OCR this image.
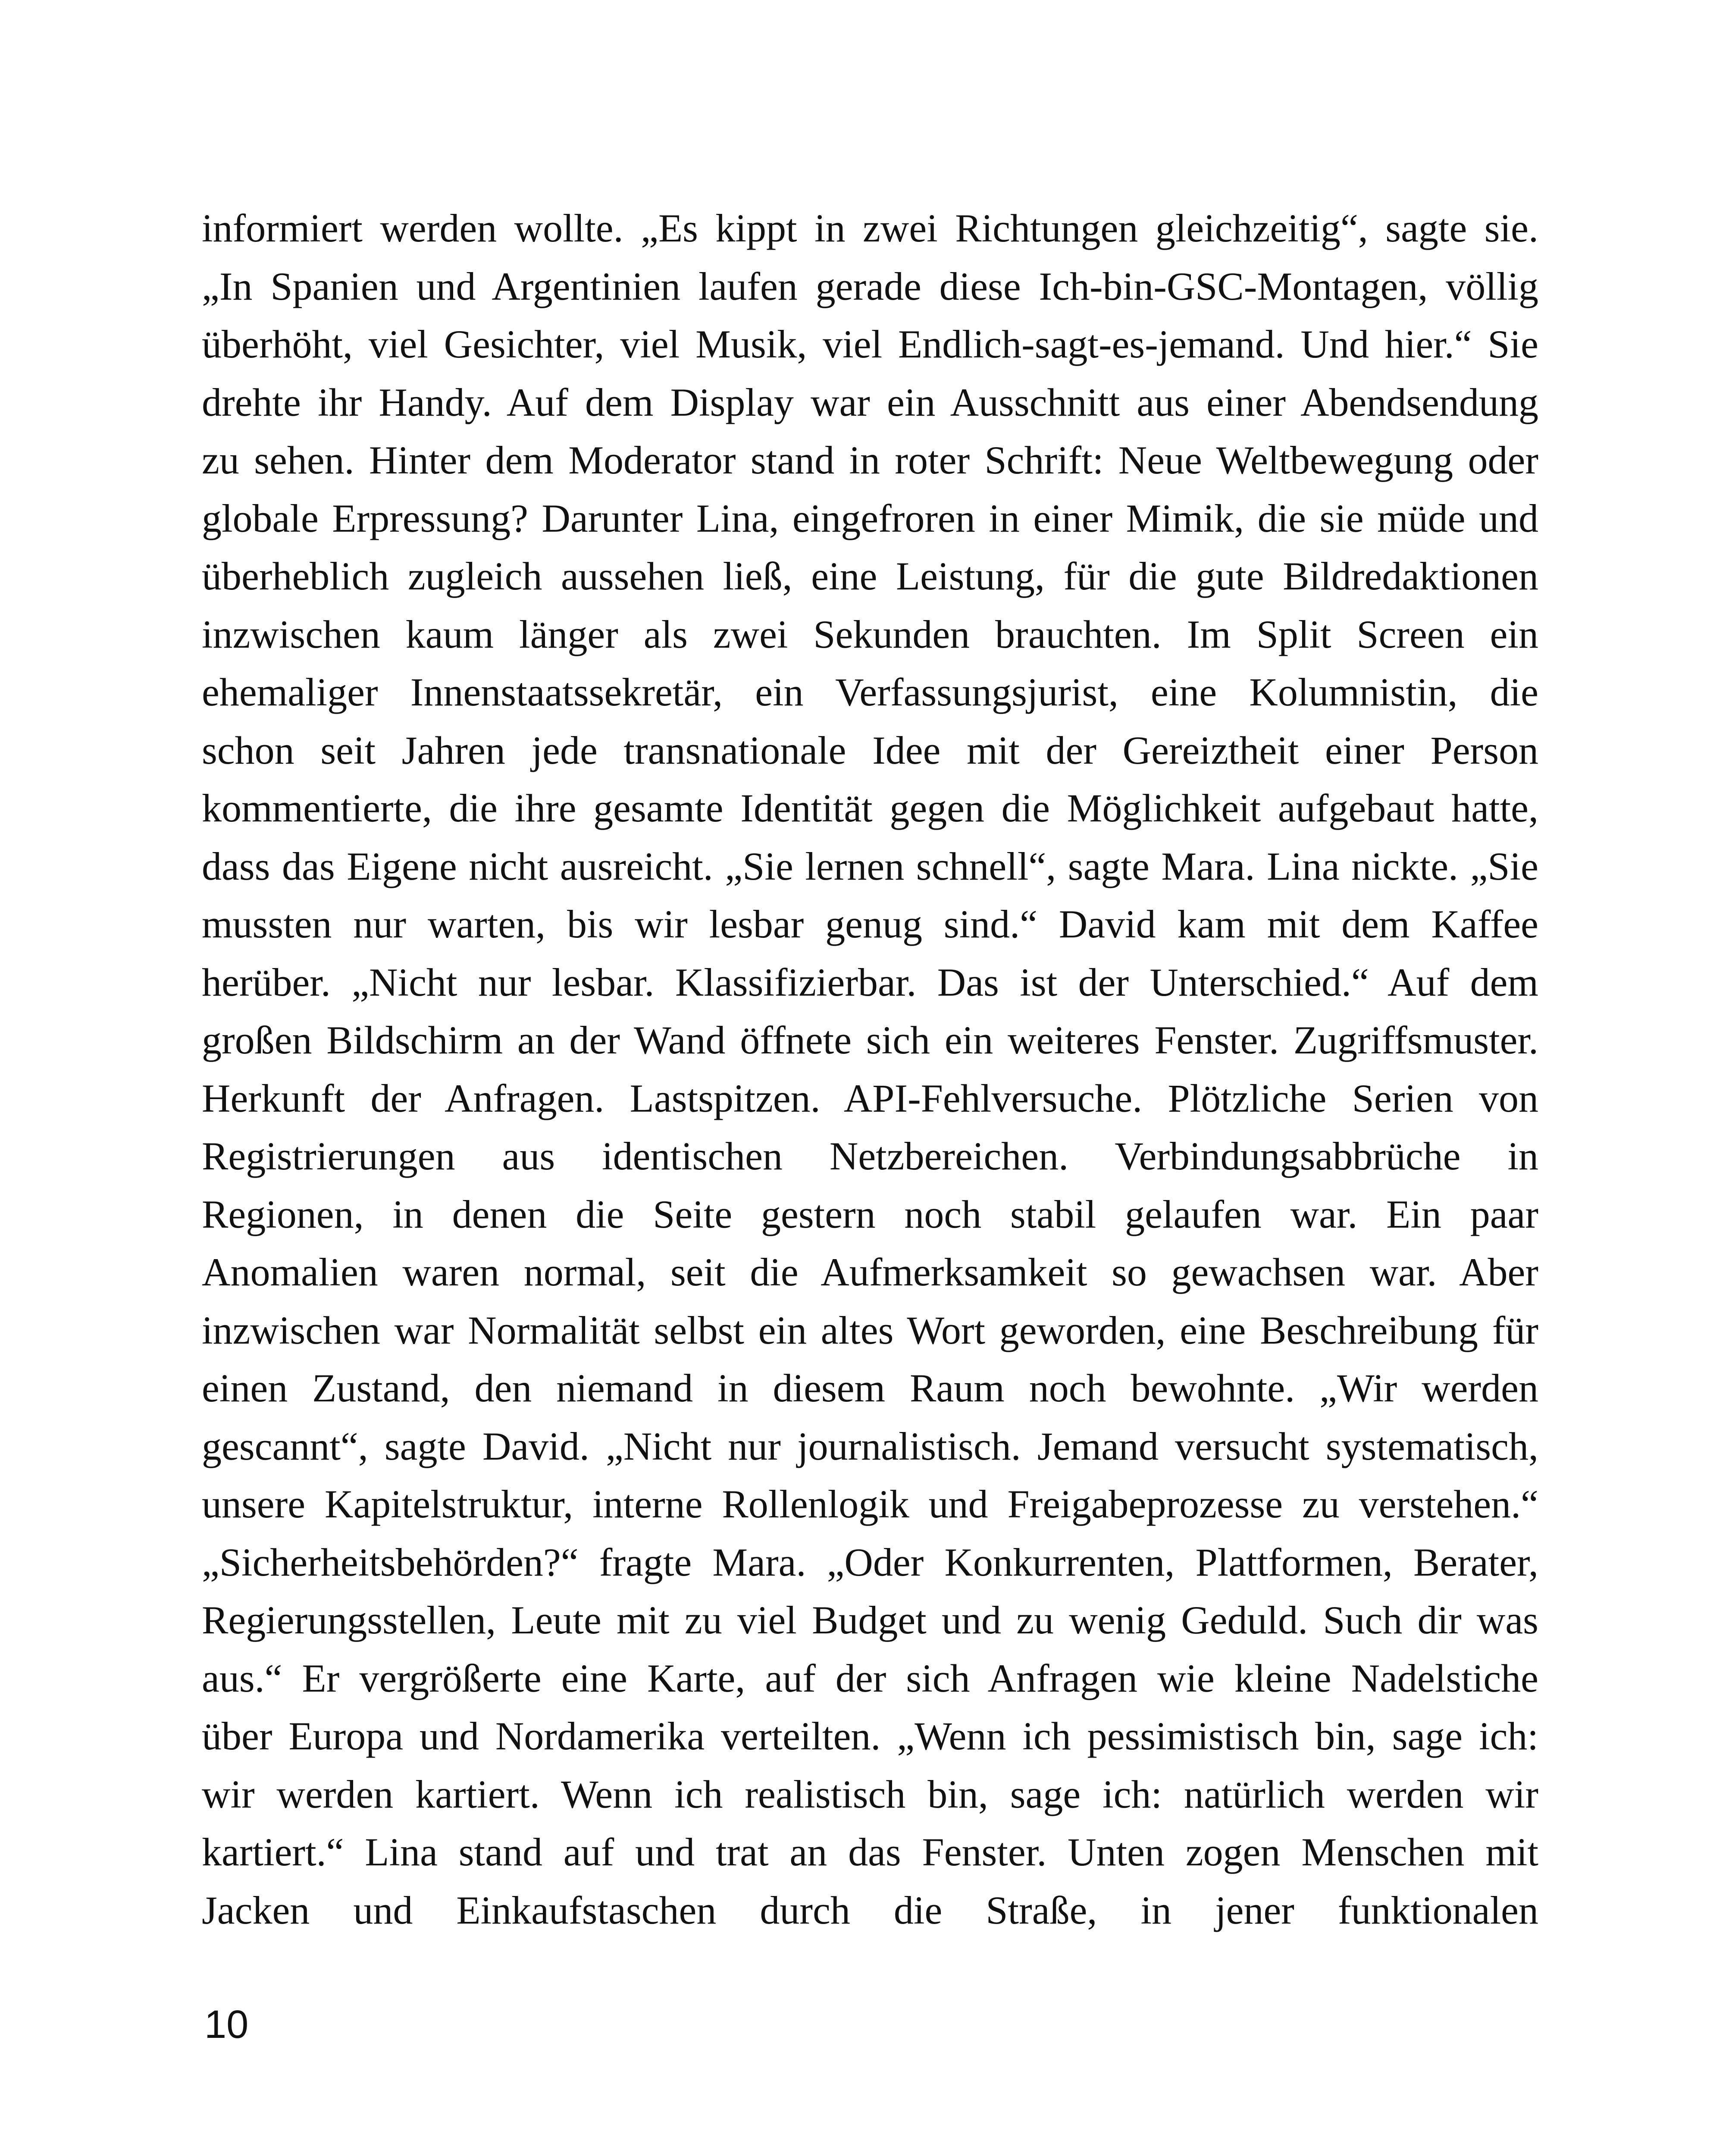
informiert werden wollte. „Es kippt in zwei Richtungen gleichzeitig“, sagte sie.
„In Spanien und Argentinien laufen gerade diese Ich-bin-GSC-Montagen, völlig
überhöht, viel Gesichter, viel Musik, viel Endlich-sagt-es-jemand. Und hier.“ Sie
drehte ihr Handy. Auf dem Display war ein Ausschnitt aus einer Abendsendung
zu sehen. Hinter dem Moderator stand in roter Schrift: Neue Weltbewegung oder
globale Erpressung? Darunter Lina, eingefroren in einer Mimik, die sie müde und
überheblich zugleich aussehen ließ, eine Leistung, für die gute Bildredaktionen
inzwischen kaum länger als zwei Sekunden brauchten. Im Split Screen ein
ehemaliger Innenstaatssekretär, ein Verfassungsjurist, eine Kolumnistin, die
schon seit Jahren jede transnationale Idee mit der Gereiztheit einer Person
kommentierte, die ihre gesamte Identität gegen die Möglichkeit aufgebaut hatte,
dass das Eigene nicht ausreicht. „Sie lernen schnell“, sagte Mara. Lina nickte. „Sie
mussten nur warten, bis wir lesbar genug sind.“ David kam mit dem Kaffee
herüber. „Nicht nur lesbar. Klassifizierbar. Das ist der Unterschied.“ Auf dem
großen Bildschirm an der Wand öffnete sich ein weiteres Fenster. Zugriffsmuster.
Herkunft der Anfragen. Lastspitzen. API-Fehlversuche. Plötzliche Serien von
Registrierungen aus identischen Netzbereichen. Verbindungsabbrüche in
Regionen, in denen die Seite gestern noch stabil gelaufen war. Ein paar
Anomalien waren normal, seit die Aufmerksamkeit so gewachsen war. Aber
inzwischen war Normalität selbst ein altes Wort geworden, eine Beschreibung für
einen Zustand, den niemand in diesem Raum noch bewohnte. „Wir werden
gescannt“, sagte David. „Nicht nur journalistisch. Jemand versucht systematisch,
unsere Kapitelstruktur, interne Rollenlogik und Freigabeprozesse zu verstehen.“
„Sicherheitsbehörden?“ fragte Mara. „Oder Konkurrenten, Plattformen, Berater,
Regierungsstellen, Leute mit zu viel Budget und zu wenig Geduld. Such dir was
aus.“ Er vergrößerte eine Karte, auf der sich Anfragen wie kleine Nadelstiche
über Europa und Nordamerika verteilten. „Wenn ich pessimistisch bin, sage ich:
wir werden kartiert. Wenn ich realistisch bin, sage ich: natürlich werden wir
kartiert.“ Lina stand auf und trat an das Fenster. Unten zogen Menschen mit
Jacken und Einkaufstaschen durch die Straße, in jener funktionalen
10
